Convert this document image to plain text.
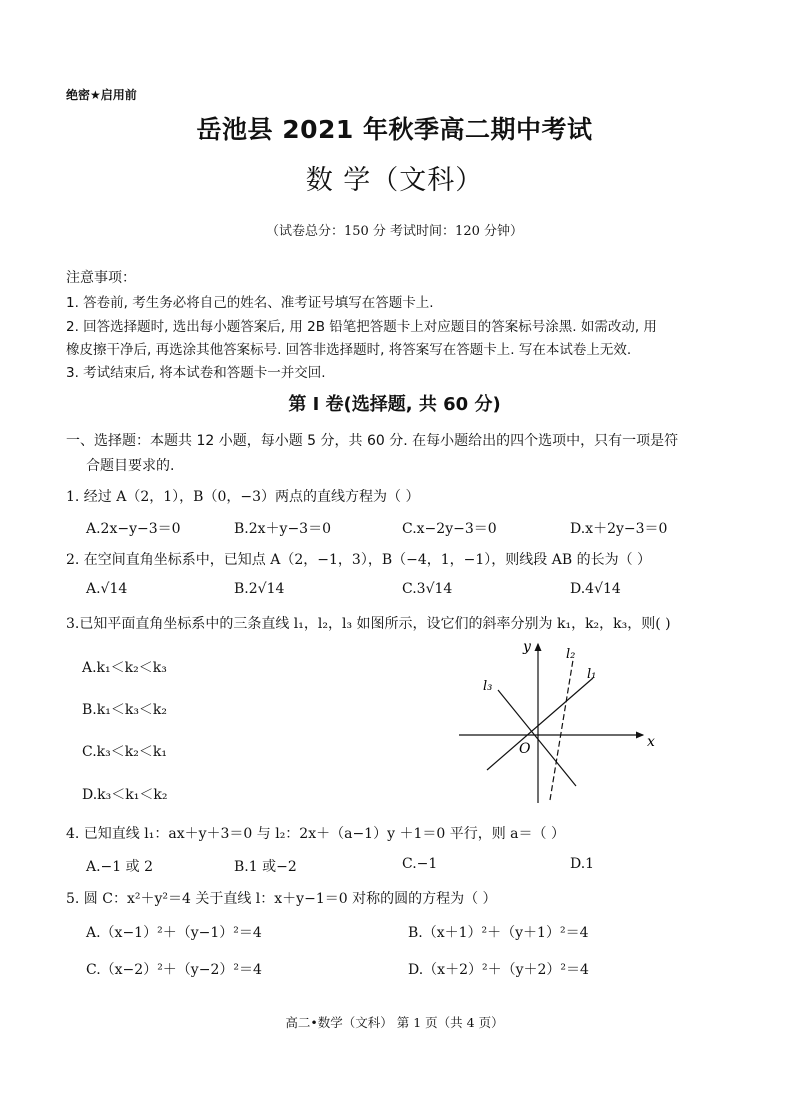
绝密★启用前
岳池县 2021 年秋季高二期中考试
数 学（文科）
（试卷总分：150 分 考试时间：120 分钟）
注意事项：
1. 答卷前, 考生务必将自己的姓名、准考证号填写在答题卡上.
2. 回答选择题时, 选出每小题答案后, 用 2B 铅笔把答题卡上对应题目的答案标号涂黑. 如需改动, 用
橡皮擦干净后, 再选涂其他答案标号. 回答非选择题时, 将答案写在答题卡上. 写在本试卷上无效.
3. 考试结束后, 将本试卷和答题卡一并交回.
第 I 卷(选择题, 共 60 分)
一、选择题：本题共 12 小题，每小题 5 分，共 60 分. 在每小题给出的四个选项中，只有一项是符
合题目要求的.
1. 经过 A（2，1），B（0，−3）两点的直线方程为（ ）
A.2x−y−3＝0	B.2x＋y−3＝0	C.x−2y−3＝0	D.x＋2y−3＝0
2. 在空间直角坐标系中，已知点 A（2，−1，3），B（−4，1，−1），则线段 AB 的长为（ ）
A.√14	B.2√14	C.3√14	D.4√14
3.已知平面直角坐标系中的三条直线 l₁，l₂，l₃ 如图所示，设它们的斜率分别为 k₁，k₂，k₃，则( )
A.k₁＜k₂＜k₃
B.k₁＜k₃＜k₂
C.k₃＜k₂＜k₁
D.k₃＜k₁＜k₂
x
y
O
l₁
l₂
l₃
4. 已知直线 l₁：ax＋y＋3＝0 与 l₂：2x＋（a−1）y ＋1＝0 平行，则 a＝（ ）
A.−1 或 2	B.1 或−2	C.−1	D.1
5. 圆 C：x²＋y²＝4 关于直线 l：x＋y−1＝0 对称的圆的方程为（ ）
A.（x−1）²＋（y−1）²＝4	B.（x＋1）²＋（y＋1）²＝4
C.（x−2）²＋（y−2）²＝4	D.（x＋2）²＋（y＋2）²＝4
高二•数学（文科） 第 1 页（共 4 页）
